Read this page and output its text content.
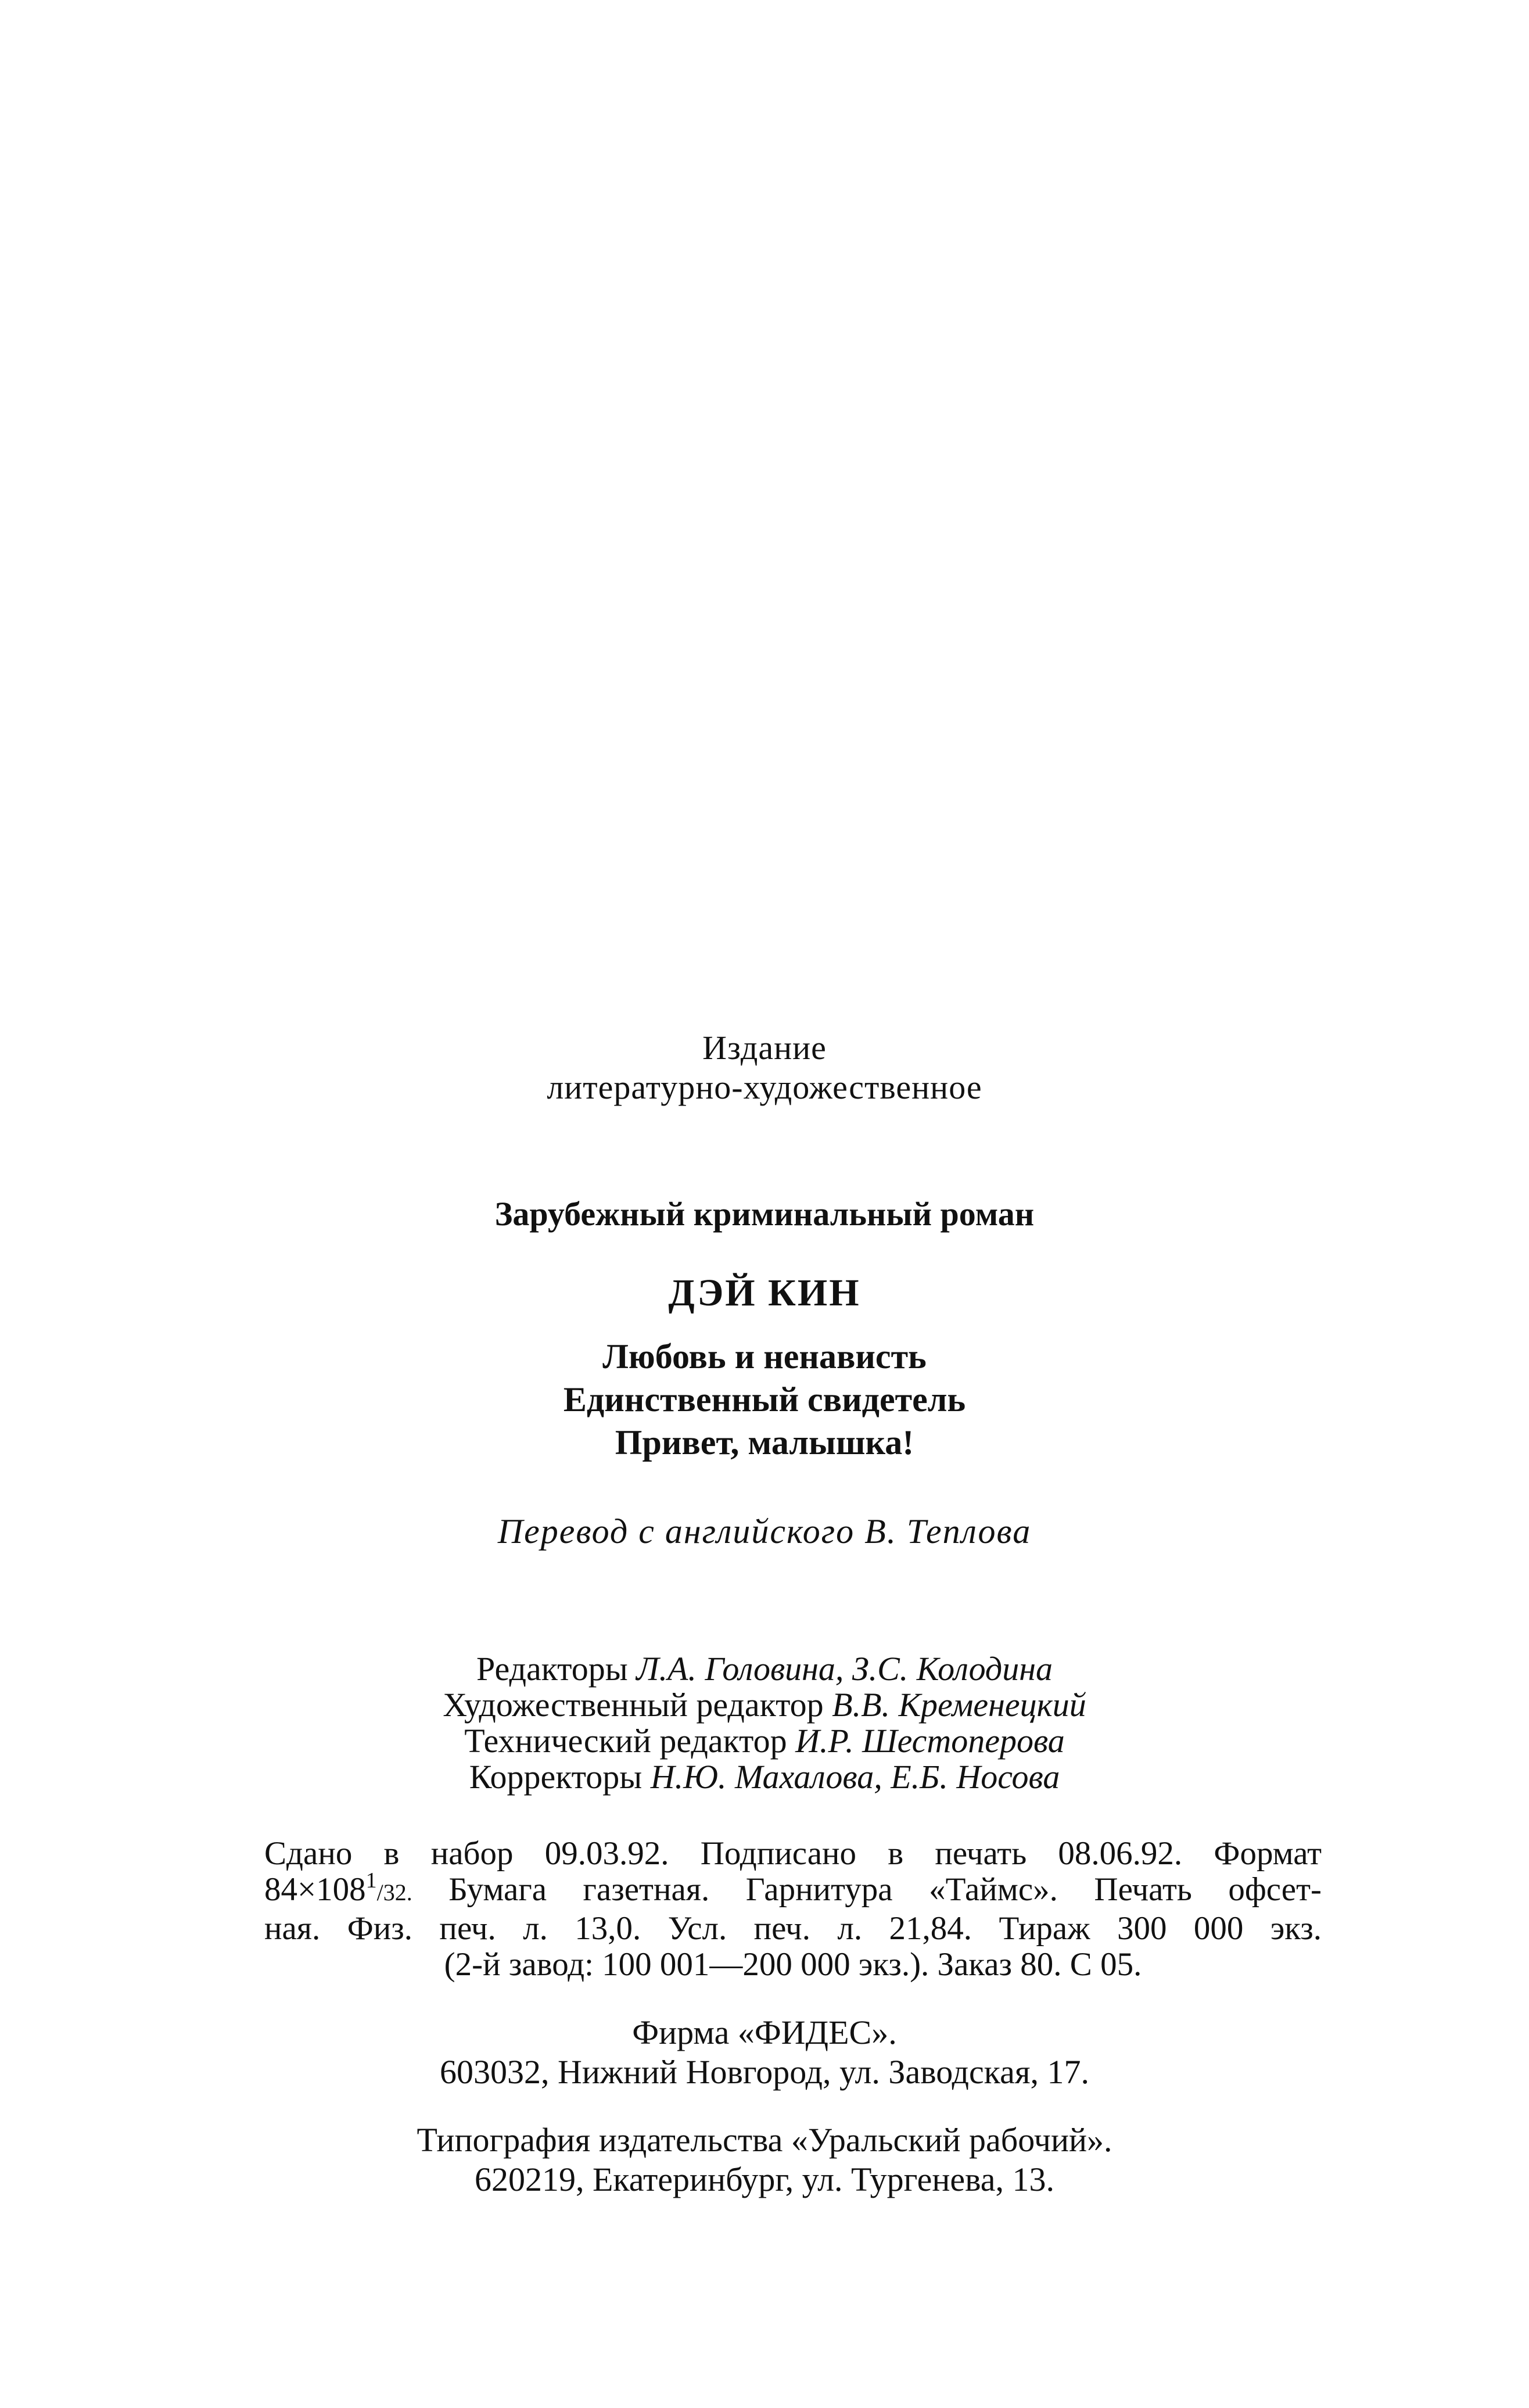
Издание
литературно-художественное
Зарубежный криминальный роман
ДЭЙ КИН
Любовь и ненависть
Единственный свидетель
Привет, малышка!
Перевод с английского В. Теплова
Редакторы Л.А. Головина, З.С. Колодина
Художественный редактор В.В. Кременецкий
Технический редактор И.Р. Шестоперова
Корректоры Н.Ю. Махалова, Е.Б. Носова
Сдано в набор 09.03.92. Подписано в печать 08.06.92. Формат
$84\times 108^1/32$. Бумага газетная. Гарнитура «Таймс». Печать офсет-
ная. Физ. печ. л. 13,0. Усл. печ. л. 21,84. Тираж 300 000 экз.
(2-й завод: 100 001—200 000 экз.). Заказ 80. С 05.
Фирма «ФИДЕС».
603032, Нижний Новгород, ул. Заводская, 17.
Типография издательства «Уральский рабочий».
620219, Екатеринбург, ул. Тургенева, 13.
